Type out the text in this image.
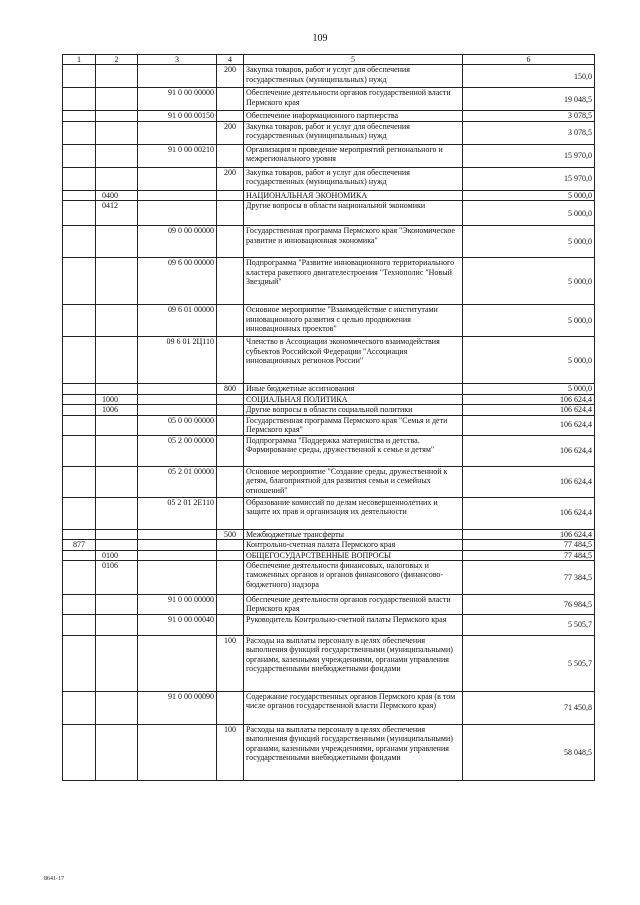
109
1	2	3	4	5	6
			200	Закупка товаров, работ и услуг для обеспечения государственных (муниципальных) нужд	150,0
		91 0 00 00000		Обеспечение деятельности органов государственной власти Пермского края	19 048,5
		91 0 00 00150		Обеспечение информационного партнерства	3 078,5
			200	Закупка товаров, работ и услуг для обеспечения государственных (муниципальных) нужд	3 078,5
		91 0 00 00210		Организация и проведение мероприятий регионального и межрегионального уровня	15 970,0
			200	Закупка товаров, работ и услуг для обеспечения государственных (муниципальных) нужд	15 970,0
	0400			НАЦИОНАЛЬНАЯ ЭКОНОМИКА	5 000,0
	0412			Другие вопросы в области национальной экономики	5 000,0
		09 0 00 00000		Государственная программа Пермского края "Экономическое развитие и инновационная экономика"	5 000,0
		09 6 00 00000		Подпрограмма "Развитие инновационного территориального кластера ракетного двигателестроения "Технополис "Новый Звездный"	5 000,0
		09 6 01 00000		Основное мероприятие "Взаимодействие с институтами инновационного развития с целью продвижения инновационных проектов"	5 000,0
		09 6 01 2Ц110		Членство в Ассоциации экономического взаимодействия субъектов Российской Федерации "Ассоциация инновационных регионов России"	5 000,0
			800	Иные бюджетные ассигнования	5 000,0
	1000			СОЦИАЛЬНАЯ ПОЛИТИКА	106 624,4
	1006			Другие вопросы в области социальной политики	106 624,4
		05 0 00 00000		Государственная программа Пермского края "Семья и дети Пермского края"	106 624,4
		05 2 00 00000		Подпрограмма "Поддержка материнства и детства. Формирование среды, дружественной к семье и детям"	106 624,4
		05 2 01 00000		Основное мероприятие "Создание среды, дружественной к детям, благоприятной для развития семьи и семейных отношений"	106 624,4
		05 2 01 2Е110		Образование комиссий по делам несовершеннолетних и защите их прав и организация их деятельности	106 624,4
			500	Межбюджетные трансферты	106 624,4
877				Контрольно-счетная палата Пермского края	77 484,5
	0100			ОБЩЕГОСУДАРСТВЕННЫЕ ВОПРОСЫ	77 484,5
	0106			Обеспечение деятельности финансовых, налоговых и таможенных органов и органов финансового (финансово-бюджетного) надзора	77 384,5
		91 0 00 00000		Обеспечение деятельности органов государственной власти Пермского края	76 984,5
		91 0 00 00040		Руководитель Контрольно-счетной палаты Пермского края	5 505,7
			100	Расходы на выплаты персоналу в целях обеспечения выполнения функций государственными (муниципальными) органами, казенными учреждениями, органами управления государственными внебюджетными фондами	5 505,7
		91 0 00 00090		Содержание государственных органов Пермского края (в том числе органов государственной власти Пермского края)	71 450,8
			100	Расходы на выплаты персоналу в целях обеспечения выполнения функций государственными (муниципальными) органами, казенными учреждениями, органами управления государственными внебюджетными фондами	58 048,5
8641-17
